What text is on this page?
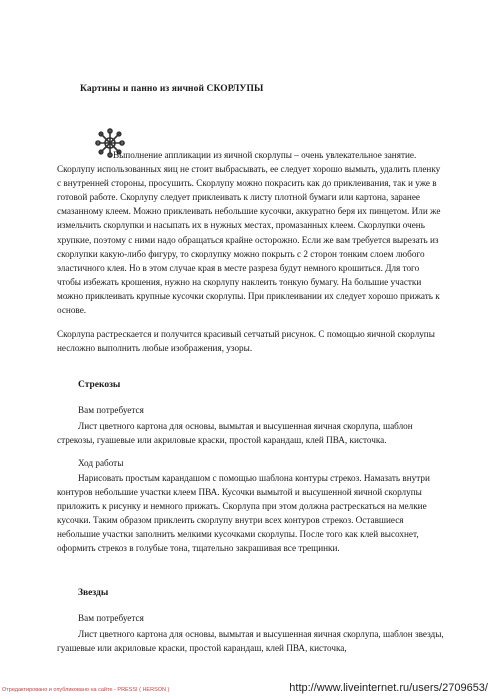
Картины и панно из яичной СКОРЛУПЫ

Выполнение аппликации из яичной скорлупы – очень увлекательное занятие. Скорлупу использованных яиц не стоит выбрасывать, ее следует хорошо вымыть, удалить пленку с внутренней стороны, просушить. Скорлупу можно покрасить как до приклеивания, так и уже в готовой работе. Скорлупу следует приклеивать к листу плотной бумаги или картона, заранее смазанному клеем. Можно приклеивать небольшие кусочки, аккуратно беря их пинцетом. Или же измельчить скорлупки и насыпать их в нужных местах, промазанных клеем. Скорлупки очень хрупкие, поэтому с ними надо обращаться крайне осторожно. Если же вам требуется вырезать из скорлупки какую-либо фигуру, то скорлупку можно покрыть с 2 сторон тонким слоем любого эластичного клея. Но в этом случае края в месте разреза будут немного крошиться. Для того чтобы избежать крошения, нужно на скорлупу наклеить тонкую бумагу. На большие участки можно приклеивать крупные кусочки скорлупы. При приклеивании их следует хорошо прижать к основе.

Скорлупа растрескается и получится красивый сетчатый рисунок. С помощью яичной скорлупы несложно выполнить любые изображения, узоры.

Стрекозы
Вам потребуется

Лист цветного картона для основы, вымытая и высушенная яичная скорлупа, шаблон стрекозы, гуашевые или акриловые краски, простой карандаш, клей ПВА, кисточка.

Ход работы

Нарисовать простым карандашом с помощью шаблона контуры стрекоз. Намазать внутри контуров небольшие участки клеем ПВА. Кусочки вымытой и высушенной яичной скорлупы приложить к рисунку и немного прижать. Скорлупа при этом должна растрескаться на мелкие кусочки. Таким образом приклеить скорлупу внутри всех контуров стрекоз. Оставшиеся небольшие участки заполнить мелкими кусочками скорлупы. После того как клей высохнет, оформить стрекоз в голубые тона, тщательно закрашивая все трещинки.

Звезды
Вам потребуется

Лист цветного картона для основы, вымытая и высушенная яичная скорлупа, шаблон звезды, гуашевые или акриловые краски, простой карандаш, клей ПВА, кисточка,

Отредактировано и опубликовано на сайте - PRESSI ( HERSON )	http://www.liveinternet.ru/users/2709653/
